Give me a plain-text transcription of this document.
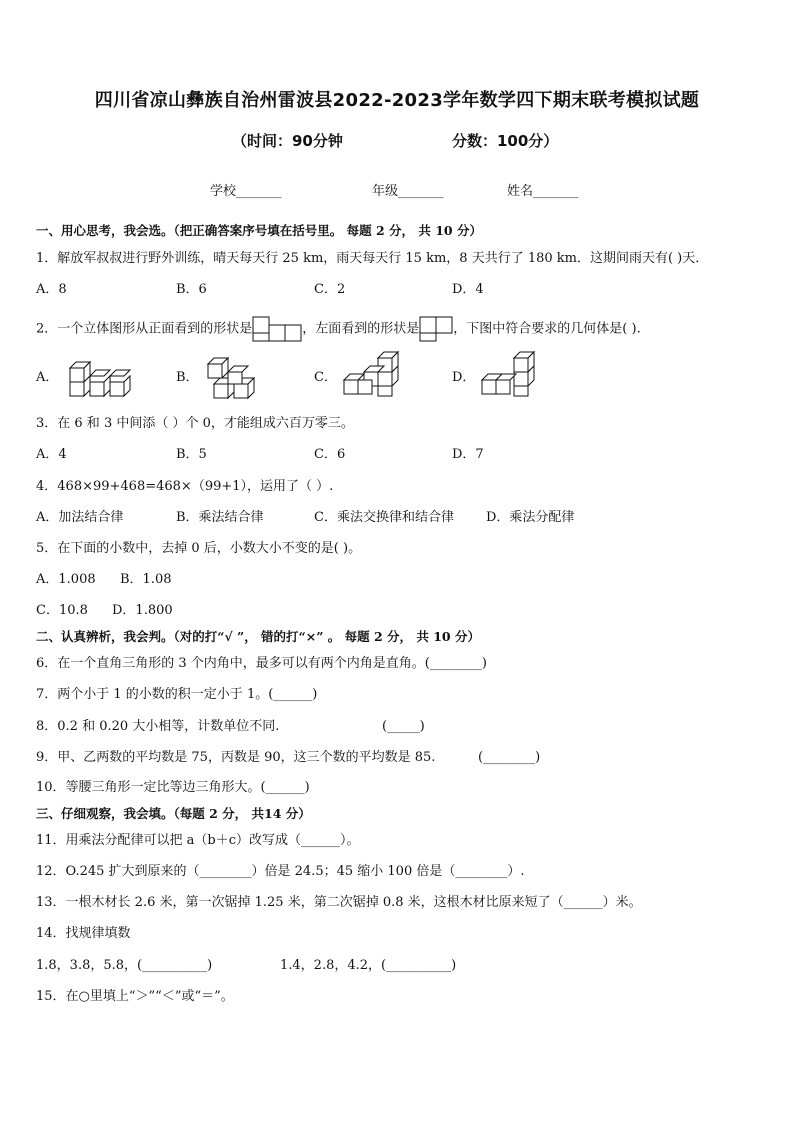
四川省凉山彝族自治州雷波县2022-2023学年数学四下期末联考模拟试题
（时间：90分钟	分数：100分）
学校_______	年级_______	姓名_______
一、用心思考，我会选。（把正确答案序号填在括号里。 每题 2 分， 共 10 分）
1．解放军叔叔进行野外训练，晴天每天行 25 km，雨天每天行 15 km，8 天共行了 180 km．这期间雨天有( )天．
A．8	B．6	C．2	D．4
2．一个立体图形从正面看到的形状是	，左面看到的形状是	，下图中符合要求的几何体是( ).
A．	B．	C．	D．
3．在 6 和 3 中间添（ ）个 0，才能组成六百万零三。
A．4	B．5	C．6	D．7
4．468×99+468=468×（99+1），运用了（ ）.
A．加法结合律	B．乘法结合律	C．乘法交换律和结合律 D．乘法分配律
5．在下面的小数中，去掉 0 后，小数大小不变的是( )。
A．1.008 B．1.08
C．10.8 D．1.800
二、认真辨析，我会判。（对的打“√ ”， 错的打“×” 。 每题 2 分， 共 10 分）
6．在一个直角三角形的 3 个内角中，最多可以有两个内角是直角。(________)
7．两个小于 1 的小数的积一定小于 1。(______)
8．0.2 和 0.20 大小相等，计数单位不同.	(_____)
9．甲、乙两数的平均数是 75，丙数是 90，这三个数的平均数是 85.	(________)
10．等腰三角形一定比等边三角形大。(______)
三、仔细观察，我会填。（每题 2 分， 共14 分）
11．用乘法分配律可以把 a（b＋c）改写成（______）。
12．O.245 扩大到原来的（________）倍是 24.5；45 缩小 100 倍是（________）.
13．一根木材长 2.6 米，第一次锯掉 1.25 米，第二次锯掉 0.8 米，这根木材比原来短了（______）米。
14．找规律填数
1.8，3.8，5.8，(__________)	1.4，2.8，4.2，(__________)
15．在○里填上“＞”“＜”或“＝”。
